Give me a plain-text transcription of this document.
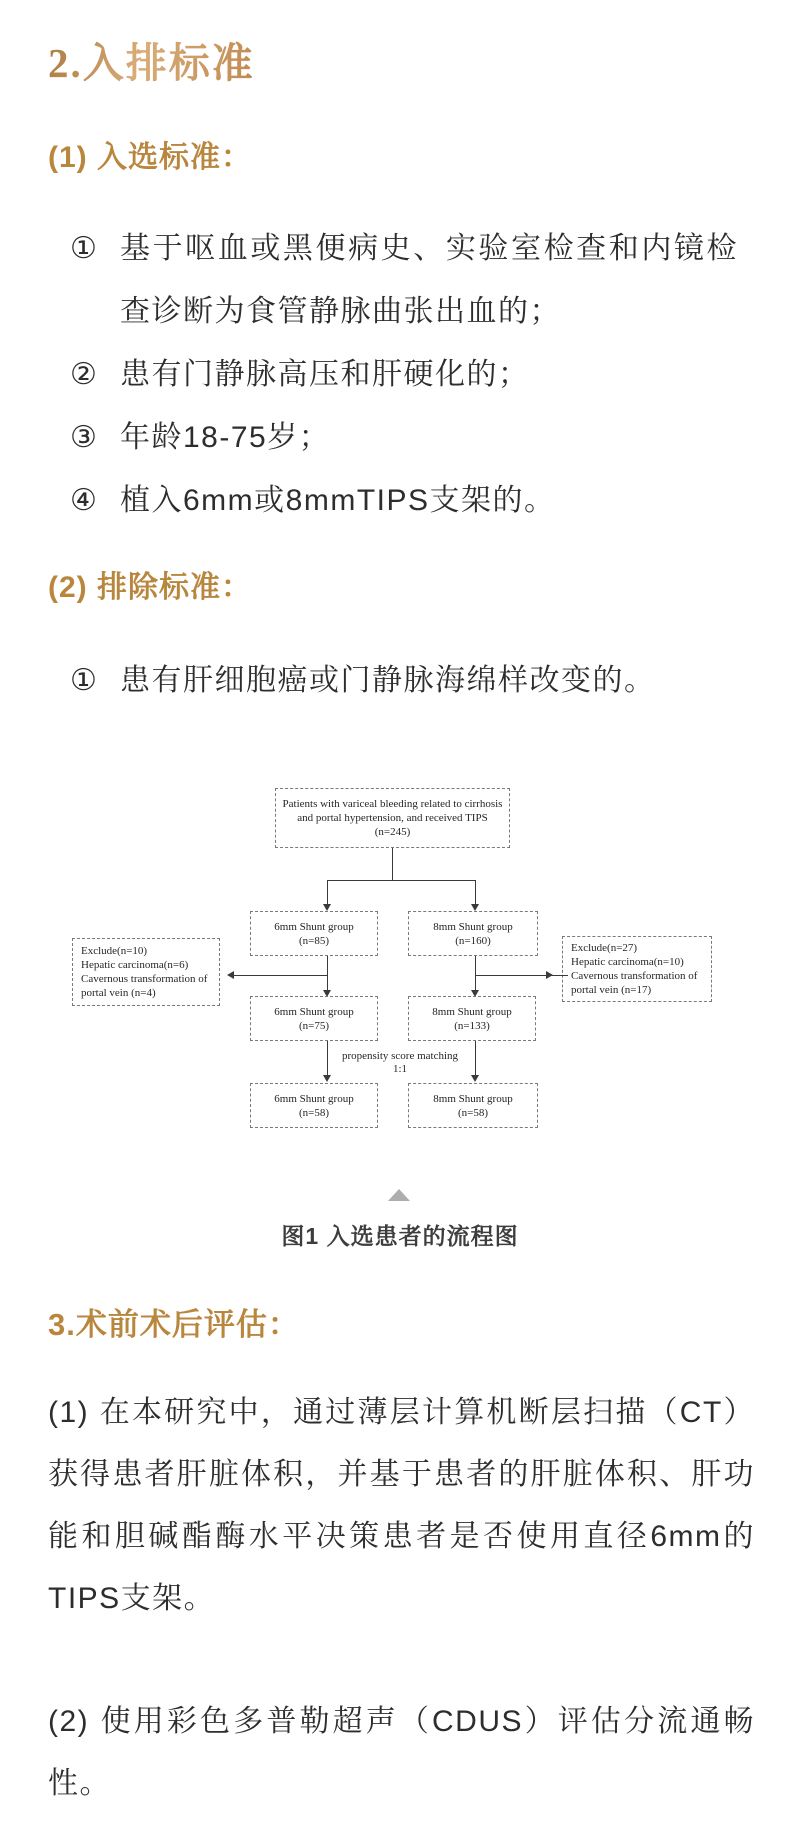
2.入排标准
(1) 入选标准：
① 基于呕血或黑便病史、实验室检查和内镜检查诊断为食管静脉曲张出血的；
② 患有门静脉高压和肝硬化的；
③ 年龄18-75岁；
④ 植入6mm或8mmTIPS支架的。
(2) 排除标准：
① 患有肝细胞癌或门静脉海绵样改变的。
Patients with variceal bleeding related to cirrhosis
and portal hypertension, and received TIPS
(n=245)
6mm Shunt group
(n=85)
8mm Shunt group
(n=160)
Exclude(n=10)
Hepatic carcinoma(n=6)
Cavernous transformation of
portal vein (n=4)
Exclude(n=27)
Hepatic carcinoma(n=10)
Cavernous transformation of
portal vein (n=17)
6mm Shunt group
(n=75)
8mm Shunt group
(n=133)
propensity score matching
1:1
6mm Shunt group
(n=58)
8mm Shunt group
(n=58)
图1 入选患者的流程图
3.术前术后评估：

(1) 在本研究中，通过薄层计算机断层扫描（CT）获得患者肝脏体积，并基于患者的肝脏体积、肝功能和胆碱酯酶水平决策患者是否使用直径6mm的TIPS支架。

(2) 使用彩色多普勒超声（CDUS）评估分流通畅性。
